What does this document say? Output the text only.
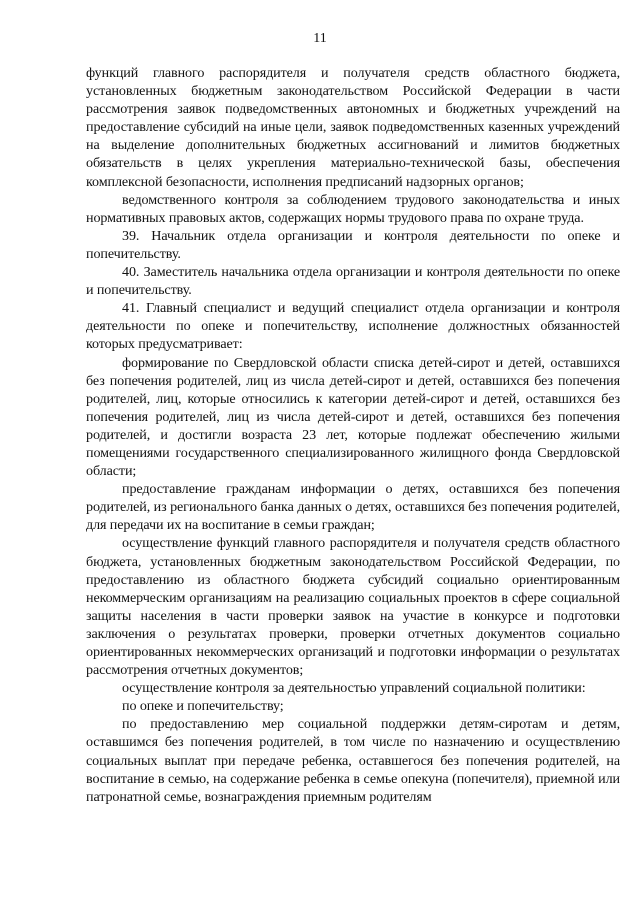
11

функций главного распорядителя и получателя средств областного бюджета, установленных бюджетным законодательством Российской Федерации в части рассмотрения заявок подведомственных автономных и бюджетных учреждений на предоставление субсидий на иные цели, заявок подведомственных казенных учреждений на выделение дополнительных бюджетных ассигнований и лимитов бюджетных обязательств в целях укрепления материально-технической базы, обеспечения комплексной безопасности, исполнения предписаний надзорных органов;

ведомственного контроля за соблюдением трудового законодательства и иных нормативных правовых актов, содержащих нормы трудового права по охране труда.

39. Начальник отдела организации и контроля деятельности по опеке и попечительству.

40. Заместитель начальника отдела организации и контроля деятельности по опеке и попечительству.

41. Главный специалист и ведущий специалист отдела организации и контроля деятельности по опеке и попечительству, исполнение должностных обязанностей которых предусматривает:

формирование по Свердловской области списка детей-сирот и детей, оставшихся без попечения родителей, лиц из числа детей-сирот и детей, оставшихся без попечения родителей, лиц, которые относились к категории детей-сирот и детей, оставшихся без попечения родителей, лиц из числа детей-сирот и детей, оставшихся без попечения родителей, и достигли возраста 23 лет, которые подлежат обеспечению жилыми помещениями государственного специализированного жилищного фонда Свердловской области;

предоставление гражданам информации о детях, оставшихся без попечения родителей, из регионального банка данных о детях, оставшихся без попечения родителей, для передачи их на воспитание в семьи граждан;

осуществление функций главного распорядителя и получателя средств областного бюджета, установленных бюджетным законодательством Российской Федерации, по предоставлению из областного бюджета субсидий социально ориентированным некоммерческим организациям на реализацию социальных проектов в сфере социальной защиты населения в части проверки заявок на участие в конкурсе и подготовки заключения о результатах проверки, проверки отчетных документов социально ориентированных некоммерческих организаций и подготовки информации о результатах рассмотрения отчетных документов;

осуществление контроля за деятельностью управлений социальной политики:

по опеке и попечительству;

по предоставлению мер социальной поддержки детям-сиротам и детям, оставшимся без попечения родителей, в том числе по назначению и осуществлению социальных выплат при передаче ребенка, оставшегося без попечения родителей, на воспитание в семью, на содержание ребенка в семье опекуна (попечителя), приемной или патронатной семье, вознаграждения приемным родителям
